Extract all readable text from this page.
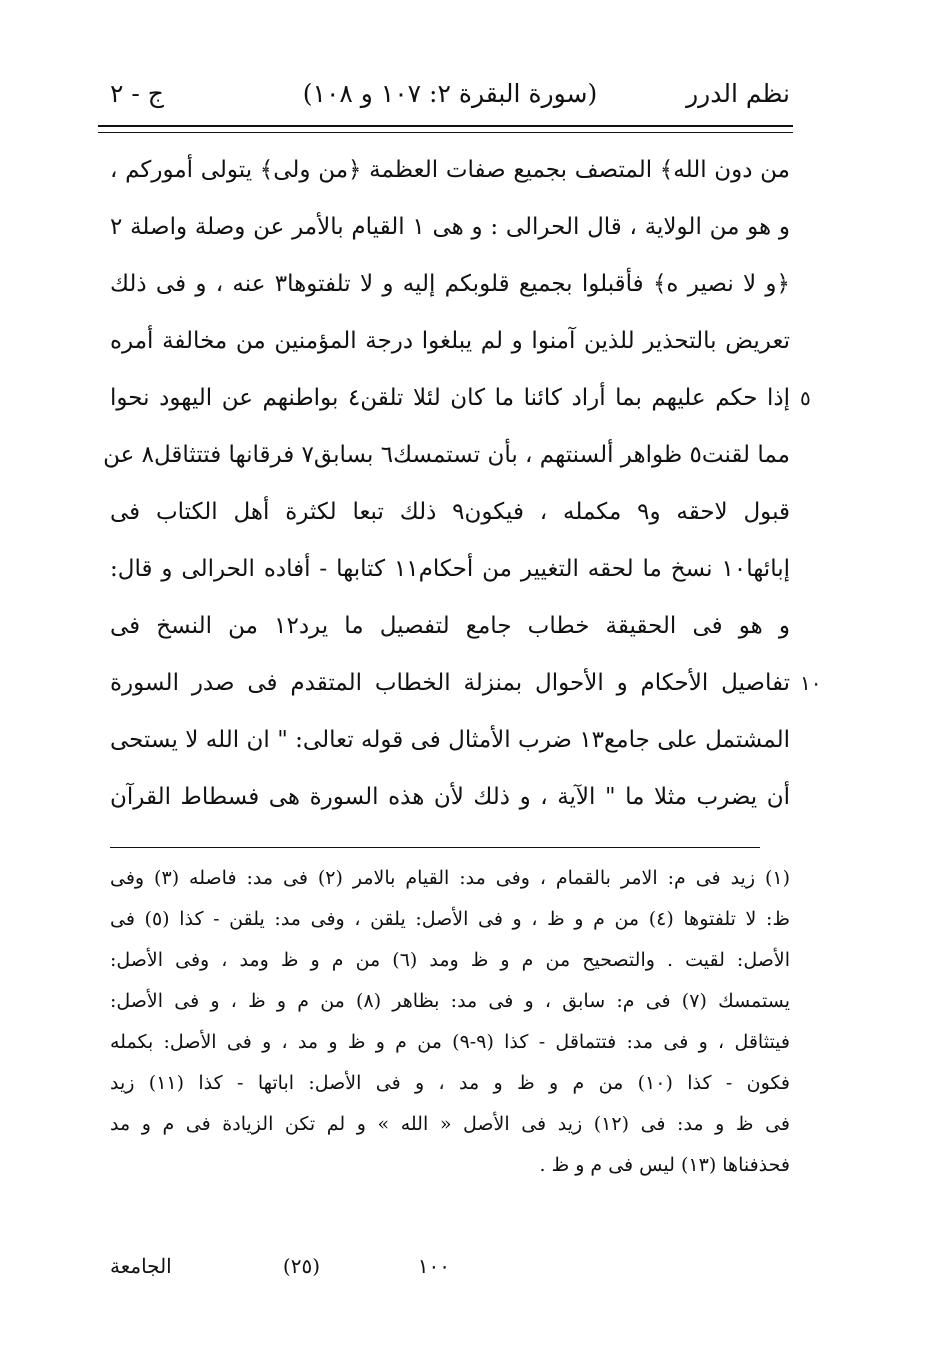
نظم الدرر
(سورة البقرة ٢: ١٠٧ و ١٠٨)
ج - ٢
من دون الله﴾ المتصف بجميع صفات العظمة ﴿من ولى﴾ يتولى أموركم ،
و هو من الولاية ، قال الحرالى : و هى ١ القيام بالأمر عن وصلة واصلة ٢
﴿و لا نصير ه﴾ فأقبلوا بجميع قلوبكم إليه و لا تلفتوها٣ عنه ، و فى ذلك
تعريض بالتحذير للذين آمنوا و لم يبلغوا درجة المؤمنين من مخالفة أمره
٥
إذا حكم عليهم بما أراد كائنا ما كان لئلا تلقن٤ بواطنهم عن اليهود نحوا
مما لقنت٥ ظواهر ألسنتهم ، بأن تستمسك٦ بسابق٧ فرقانها فتتثاقل٨ عن
قبول لاحقه و٩ مكمله ، فيكون٩ ذلك تبعا لكثرة أهل الكتاب فى
إبائها١٠ نسخ ما لحقه التغيير من أحكام١١ كتابها - أفاده الحرالى و قال:
و هو فى الحقيقة خطاب جامع لتفصيل ما يرد١٢ من النسخ فى
١٠
تفاصيل الأحكام و الأحوال بمنزلة الخطاب المتقدم فى صدر السورة
المشتمل على جامع١٣ ضرب الأمثال فى قوله تعالى: " ان الله لا يستحى
أن يضرب مثلا ما " الآية ، و ذلك لأن هذه السورة هى فسطاط القرآن
(١) زيد فى م: الامر بالقمام ، وفى مد: القيام بالامر (٢) فى مد: فاصله (٣) وفى
ظ: لا تلفتوها (٤) من م و ظ ، و فى الأصل: يلقن ، وفى مد: يلقن - كذا (٥) فى
الأصل: لقيت . والتصحيح من م و ظ ومد (٦) من م و ظ ومد ، وفى الأصل:
يستمسك (٧) فى م: سابق ، و فى مد: بظاهر (٨) من م و ظ ، و فى الأصل:
فيتثاقل ، و فى مد: فتتماقل - كذا (٩-٩) من م و ظ و مد ، و فى الأصل: بكمله
فكون - كذا (١٠) من م و ظ و مد ، و فى الأصل: اباتها - كذا (١١) زيد
فى ظ و مد: فى (١٢) زيد فى الأصل « الله » و لم تكن الزيادة فى م و مد
فحذفناها (١٣) ليس فى م و ظ .
١٠٠
(٢٥)
الجامعة
